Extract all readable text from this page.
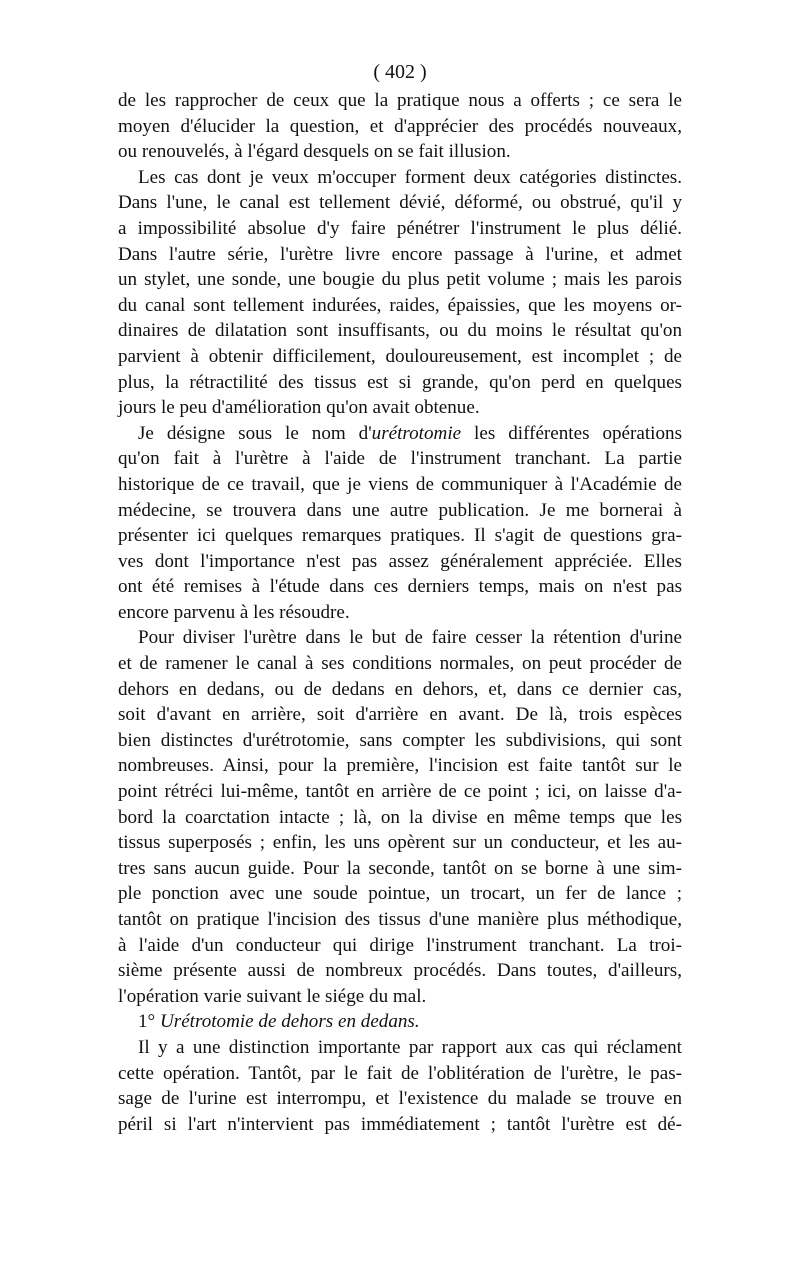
( 402 )

de les rapprocher de ceux que la pratique nous a offerts ; ce sera le
moyen d'élucider la question, et d'apprécier des procédés nouveaux,
ou renouvelés, à l'égard desquels on se fait illusion.

Les cas dont je veux m'occuper forment deux catégories distinctes.
Dans l'une, le canal est tellement dévié, déformé, ou obstrué, qu'il y
a impossibilité absolue d'y faire pénétrer l'instrument le plus délié.
Dans l'autre série, l'urètre livre encore passage à l'urine, et admet
un stylet, une sonde, une bougie du plus petit volume ; mais les parois
du canal sont tellement indurées, raides, épaissies, que les moyens or-
dinaires de dilatation sont insuffisants, ou du moins le résultat qu'on
parvient à obtenir difficilement, douloureusement, est incomplet ; de
plus, la rétractilité des tissus est si grande, qu'on perd en quelques
jours le peu d'amélioration qu'on avait obtenue.

Je désigne sous le nom d'urétrotomie les différentes opérations
qu'on fait à l'urètre à l'aide de l'instrument tranchant. La partie
historique de ce travail, que je viens de communiquer à l'Académie de
médecine, se trouvera dans une autre publication. Je me bornerai à
présenter ici quelques remarques pratiques. Il s'agit de questions gra-
ves dont l'importance n'est pas assez généralement appréciée. Elles
ont été remises à l'étude dans ces derniers temps, mais on n'est pas
encore parvenu à les résoudre.

Pour diviser l'urètre dans le but de faire cesser la rétention d'urine
et de ramener le canal à ses conditions normales, on peut procéder de
dehors en dedans, ou de dedans en dehors, et, dans ce dernier cas,
soit d'avant en arrière, soit d'arrière en avant. De là, trois espèces
bien distinctes d'urétrotomie, sans compter les subdivisions, qui sont
nombreuses. Ainsi, pour la première, l'incision est faite tantôt sur le
point rétréci lui-même, tantôt en arrière de ce point ; ici, on laisse d'a-
bord la coarctation intacte ; là, on la divise en même temps que les
tissus superposés ; enfin, les uns opèrent sur un conducteur, et les au-
tres sans aucun guide. Pour la seconde, tantôt on se borne à une sim-
ple ponction avec une soude pointue, un trocart, un fer de lance ;
tantôt on pratique l'incision des tissus d'une manière plus méthodique,
à l'aide d'un conducteur qui dirige l'instrument tranchant. La troi-
sième présente aussi de nombreux procédés. Dans toutes, d'ailleurs,
l'opération varie suivant le siége du mal.

1° Urétrotomie de dehors en dedans.

Il y a une distinction importante par rapport aux cas qui réclament
cette opération. Tantôt, par le fait de l'oblitération de l'urètre, le pas-
sage de l'urine est interrompu, et l'existence du malade se trouve en
péril si l'art n'intervient pas immédiatement ; tantôt l'urètre est dé-
